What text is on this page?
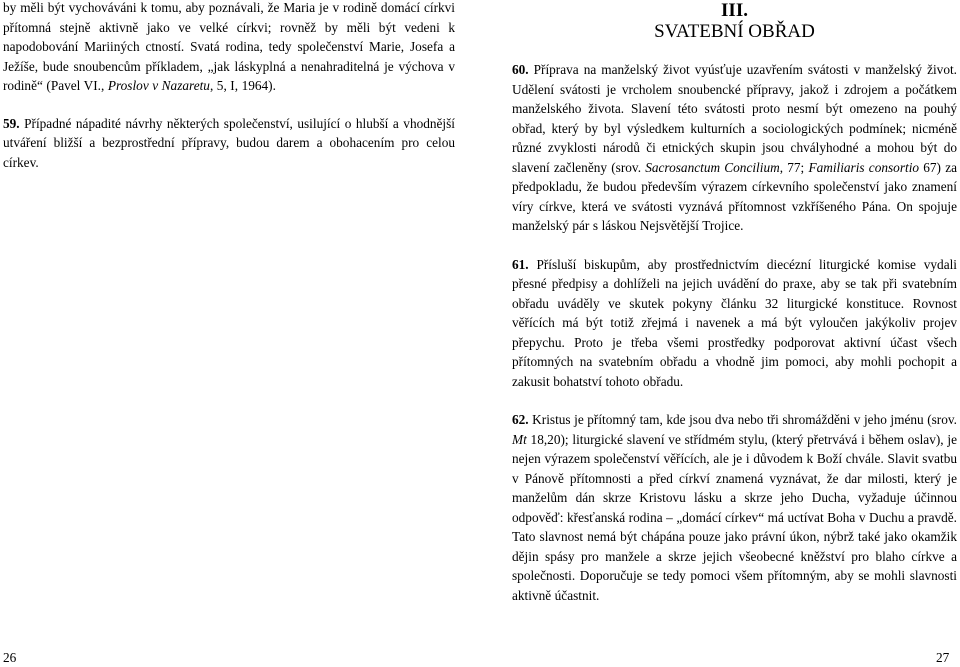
by měli být vychováváni k tomu, aby poznávali, že Maria je v rodině domácí církvi přítomná stejně aktivně jako ve velké církvi; rovněž by měli být vedeni k napodobování Mariiných ctností. Svatá rodina, tedy společenství Marie, Josefa a Ježíše, bude snoubencům příkladem, „jak láskyplná a nenahraditelná je výchova v rodině“ (Pavel VI., Proslov v Nazaretu, 5, I, 1964).

59. Případné nápadité návrhy některých společenství, usilující o hlubší a vhodnější utváření bližší a bezprostřední přípravy, budou darem a obohacením pro celou církev.

III.
SVATEBNÍ OBŘAD

60. Příprava na manželský život vyúsťuje uzavřením svátosti v manželský život. Udělení svátosti je vrcholem snoubencké přípravy, jakož i zdrojem a počátkem manželského života. Slavení této svátosti proto nesmí být omezeno na pouhý obřad, který by byl výsledkem kulturních a sociologických podmínek; nicméně různé zvyklosti národů či etnických skupin jsou chvályhodné a mohou být do slavení začleněny (srov. Sacrosanctum Concilium, 77; Familiaris consortio 67) za předpokladu, že budou především výrazem církevního společenství jako znamení víry církve, která ve svátosti vyznává přítomnost vzkříšeného Pána. On spojuje manželský pár s láskou Nejsvětější Trojice.

61. Přísluší biskupům, aby prostřednictvím diecézní liturgické komise vydali přesné předpisy a dohlíželi na jejich uvádění do praxe, aby se tak při svatebním obřadu uváděly ve skutek pokyny článku 32 liturgické konstituce. Rovnost věřících má být totiž zřejmá i navenek a má být vyloučen jakýkoliv projev přepychu. Proto je třeba všemi prostředky podporovat aktivní účast všech přítomných na svatebním obřadu a vhodně jim pomoci, aby mohli pochopit a zakusit bohatství tohoto obřadu.

62. Kristus je přítomný tam, kde jsou dva nebo tři shromážděni v jeho jménu (srov. Mt 18,20); liturgické slavení ve střídmém stylu, (který přetrvává i během oslav), je nejen výrazem společenství věřících, ale je i důvodem k Boží chvále. Slavit svatbu v Pánově přítomnosti a před církví znamená vyznávat, že dar milosti, který je manželům dán skrze Kristovu lásku a skrze jeho Ducha, vyžaduje účinnou odpověď: křesťanská rodina – „domácí církev“ má uctívat Boha v Duchu a pravdě. Tato slavnost nemá být chápána pouze jako právní úkon, nýbrž také jako okamžik dějin spásy pro manžele a skrze jejich všeobecné kněžství pro blaho církve a společnosti. Doporučuje se tedy pomoci všem přítomným, aby se mohli slavnosti aktivně účastnit.

26	27
